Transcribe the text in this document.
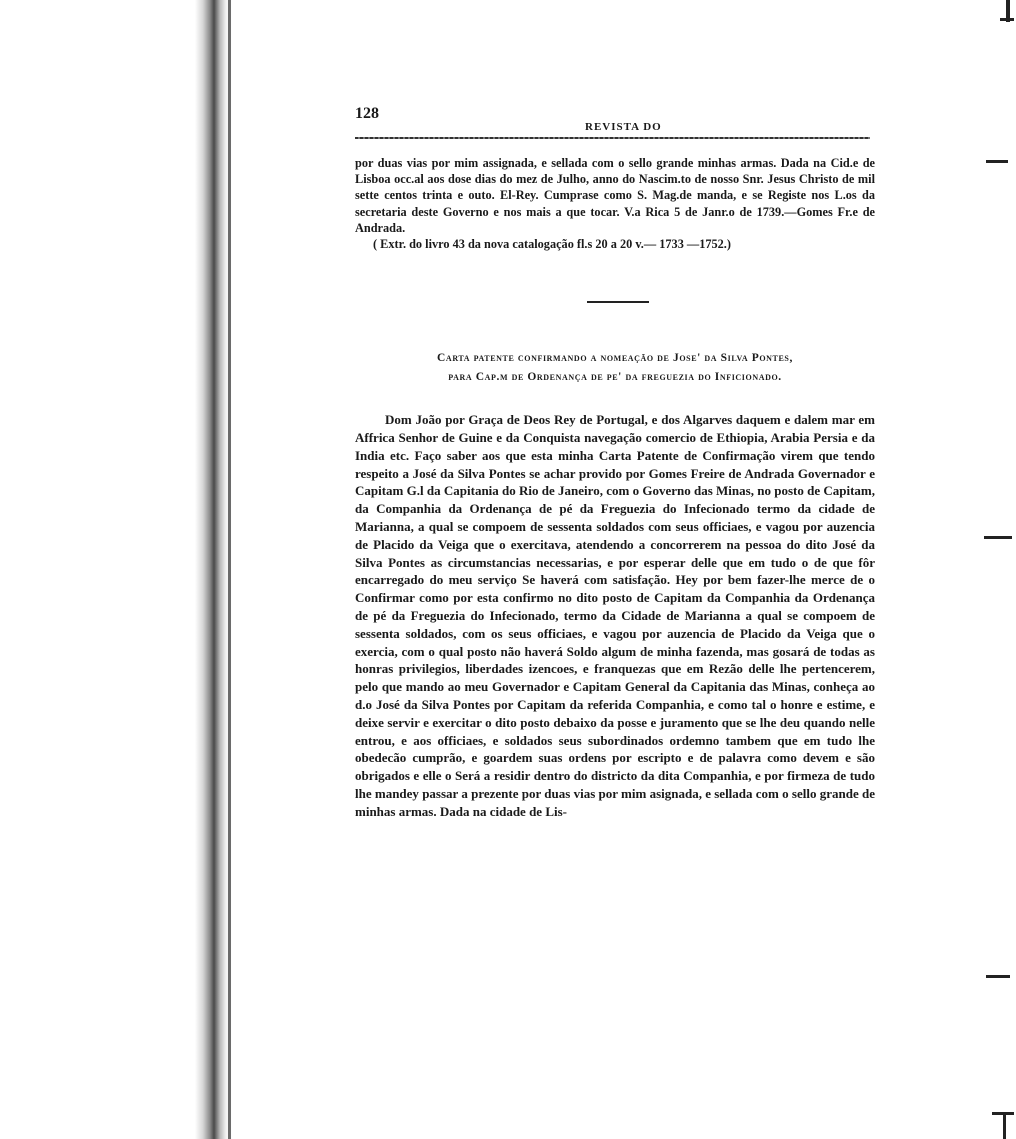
128
REVISTA DO

por duas vias por mim assignada, e sellada com o sello grande minhas armas. Dada na Cid.e de Lisboa occ.al aos dose dias do mez de Julho, anno do Nascim.to de nosso Snr. Jesus Christo de mil sette centos trinta e outo. El-Rey. Cumprase como S. Mag.de manda, e se Registe nos L.os da secretaria deste Governo e nos mais a que tocar. V.a Rica 5 de Janr.o de 1739.—Gomes Fr.e de Andrada.

( Extr. do livro 43 da nova catalogação fl.s 20 a 20 v.— 1733 —1752.)

Carta patente confirmando a nomeação de Jose' da Silva Pontes,
para Cap.m de Ordenança de pe' da freguezia do Inficionado.

Dom João por Graça de Deos Rey de Portugal, e dos Algarves daquem e dalem mar em Affrica Senhor de Guine e da Conquista navegação comercio de Ethiopia, Arabia Persia e da India etc. Faço saber aos que esta minha Carta Patente de Confirmação virem que tendo respeito a José da Silva Pontes se achar provido por Gomes Freire de Andrada Governador e Capitam G.l da Capitania do Rio de Janeiro, com o Governo das Minas, no posto de Capitam, da Companhia da Ordenança de pé da Freguezia do Infecionado termo da cidade de Marianna, a qual se compoem de sessenta soldados com seus officiaes, e vagou por auzencia de Placido da Veiga que o exercitava, atendendo a concorrerem na pessoa do dito José da Silva Pontes as circumstancias necessarias, e por esperar delle que em tudo o de que fôr encarregado do meu serviço Se haverá com satisfação. Hey por bem fazer-lhe merce de o Confirmar como por esta confirmo no dito posto de Capitam da Companhia da Ordenança de pé da Freguezia do Infecionado, termo da Cidade de Marianna a qual se compoem de sessenta soldados, com os seus officiaes, e vagou por auzencia de Placido da Veiga que o exercia, com o qual posto não haverá Soldo algum de minha fazenda, mas gosará de todas as honras privilegios, liberdades izencoes, e franquezas que em Rezão delle lhe pertencerem, pelo que mando ao meu Governador e Capitam General da Capitania das Minas, conheça ao d.o José da Silva Pontes por Capitam da referida Companhia, e como tal o honre e estime, e deixe servir e exercitar o dito posto debaixo da posse e juramento que se lhe deu quando nelle entrou, e aos officiaes, e soldados seus subordinados ordemno tambem que em tudo lhe obedecão cumprão, e goardem suas ordens por escripto e de palavra como devem e são obrigados e elle o Será a residir dentro do districto da dita Companhia, e por firmeza de tudo lhe mandey passar a prezente por duas vias por mim asignada, e sellada com o sello grande de minhas armas. Dada na cidade de Lis-
